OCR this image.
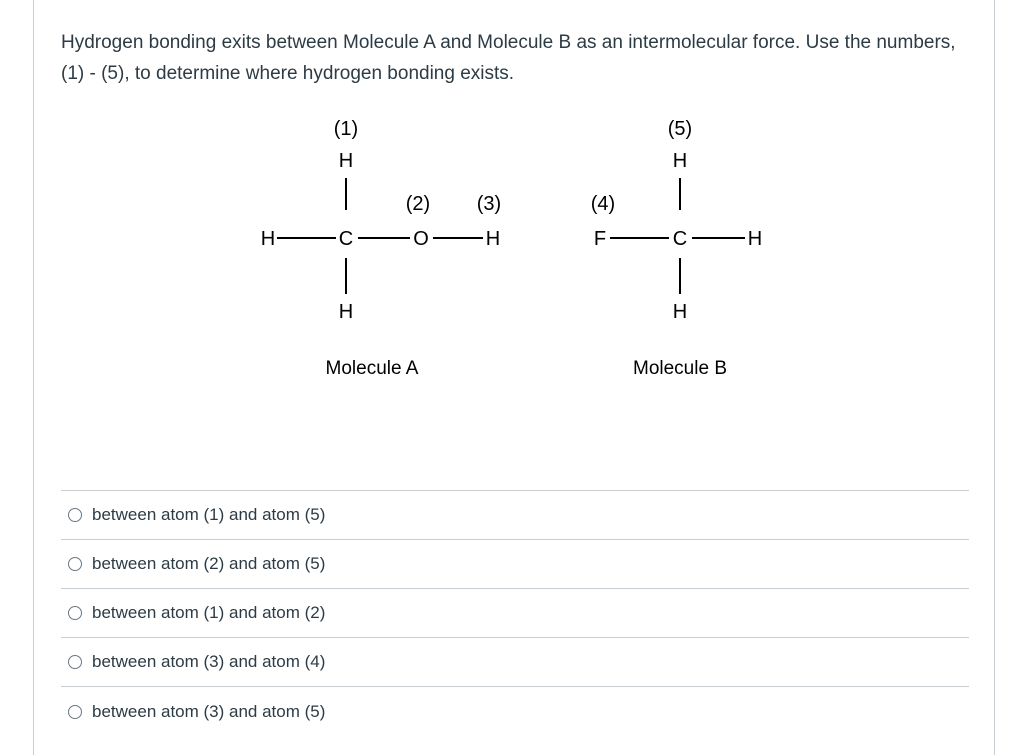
Hydrogen bonding exits between Molecule A and Molecule B as an intermolecular force. Use the numbers, (1) - (5), to determine where hydrogen bonding exists.
(1)
H
(2) (3)
H	C	O	H
H
Molecule A
(5)
H
(4)
F	C	H
H
Molecule B
between atom (1) and atom (5)
between atom (2) and atom (5)
between atom (1) and atom (2)
between atom (3) and atom (4)
between atom (3) and atom (5)
